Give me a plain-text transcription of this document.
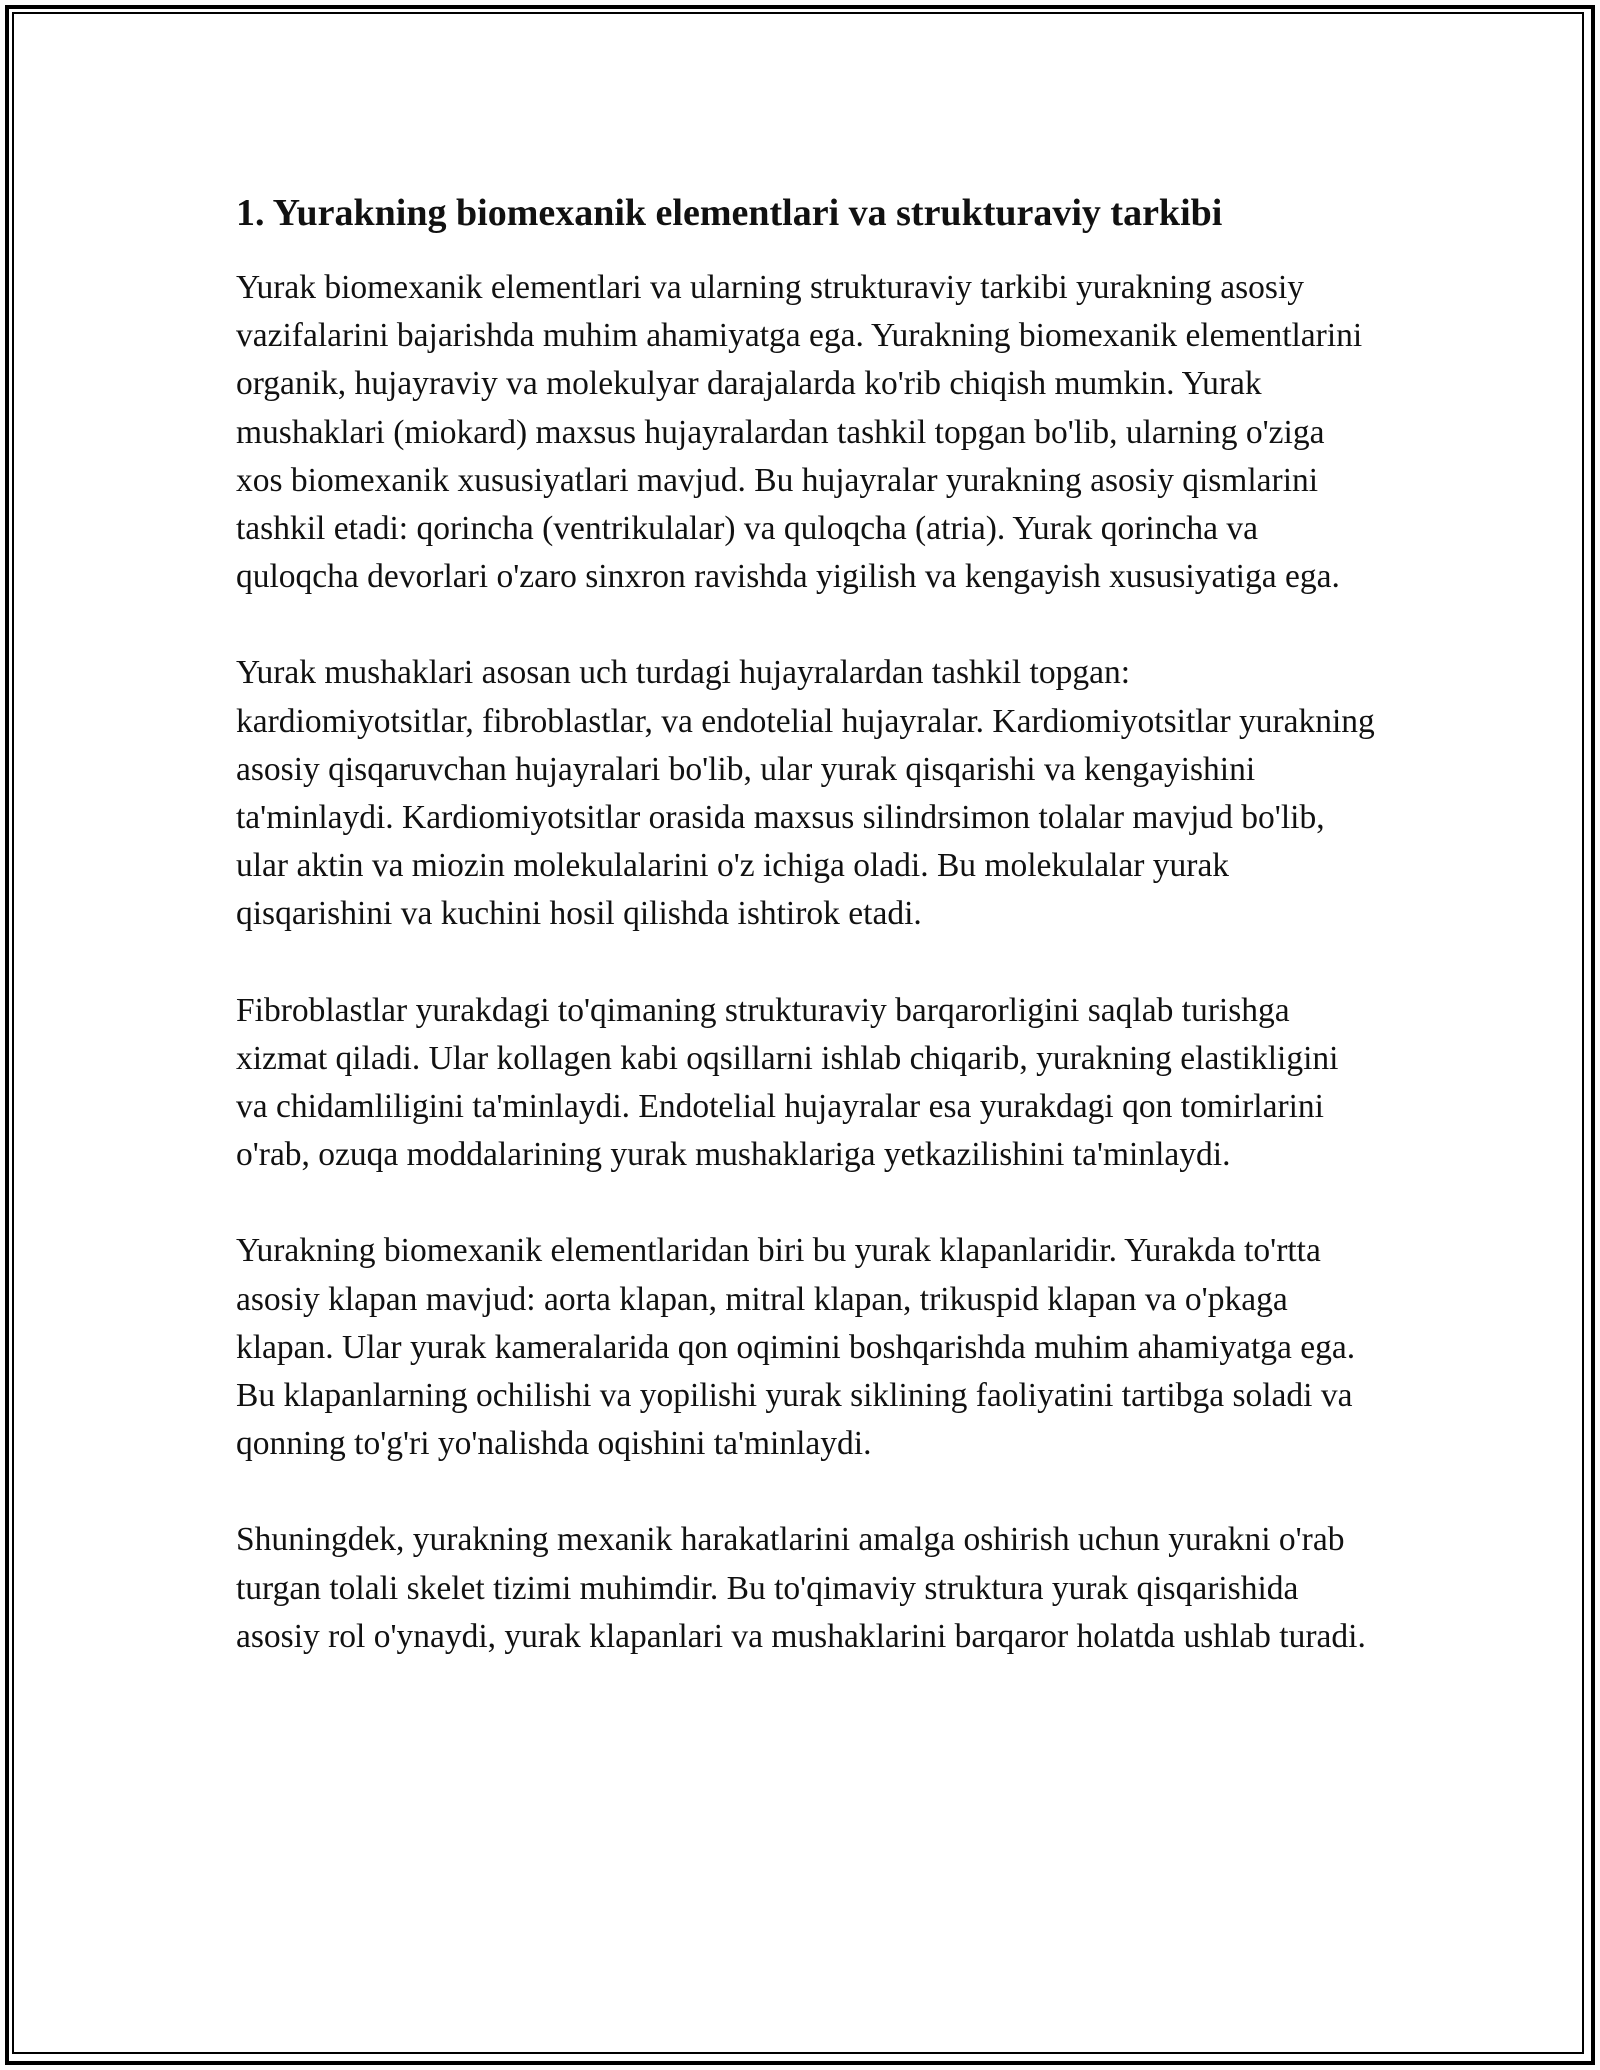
1. Yurakning biomexanik elementlari va strukturaviy tarkibi

Yurak biomexanik elementlari va ularning strukturaviy tarkibi yurakning asosiy vazifalarini bajarishda muhim ahamiyatga ega. Yurakning biomexanik elementlarini organik, hujayraviy va molekulyar darajalarda ko'rib chiqish mumkin. Yurak mushaklari (miokard) maxsus hujayralardan tashkil topgan bo'lib, ularning o'ziga xos biomexanik xususiyatlari mavjud. Bu hujayralar yurakning asosiy qismlarini tashkil etadi: qorincha (ventrikulalar) va quloqcha (atria). Yurak qorincha va quloqcha devorlari o'zaro sinxron ravishda yigilish va kengayish xususiyatiga ega.

Yurak mushaklari asosan uch turdagi hujayralardan tashkil topgan: kardiomiyotsitlar, fibroblastlar, va endotelial hujayralar. Kardiomiyotsitlar yurakning asosiy qisqaruvchan hujayralari bo'lib, ular yurak qisqarishi va kengayishini ta'minlaydi. Kardiomiyotsitlar orasida maxsus silindrsimon tolalar mavjud bo'lib, ular aktin va miozin molekulalarini o'z ichiga oladi. Bu molekulalar yurak qisqarishini va kuchini hosil qilishda ishtirok etadi.

Fibroblastlar yurakdagi to'qimaning strukturaviy barqarorligini saqlab turishga xizmat qiladi. Ular kollagen kabi oqsillarni ishlab chiqarib, yurakning elastikligini va chidamliligini ta'minlaydi. Endotelial hujayralar esa yurakdagi qon tomirlarini o'rab, ozuqa moddalarining yurak mushaklariga yetkazilishini ta'minlaydi.

Yurakning biomexanik elementlaridan biri bu yurak klapanlaridir. Yurakda to'rtta asosiy klapan mavjud: aorta klapan, mitral klapan, trikuspid klapan va o'pkaga klapan. Ular yurak kameralarida qon oqimini boshqarishda muhim ahamiyatga ega. Bu klapanlarning ochilishi va yopilishi yurak siklining faoliyatini tartibga soladi va qonning to'g'ri yo'nalishda oqishini ta'minlaydi.

Shuningdek, yurakning mexanik harakatlarini amalga oshirish uchun yurakni o'rab turgan tolali skelet tizimi muhimdir. Bu to'qimaviy struktura yurak qisqarishida asosiy rol o'ynaydi, yurak klapanlari va mushaklarini barqaror holatda ushlab turadi.
